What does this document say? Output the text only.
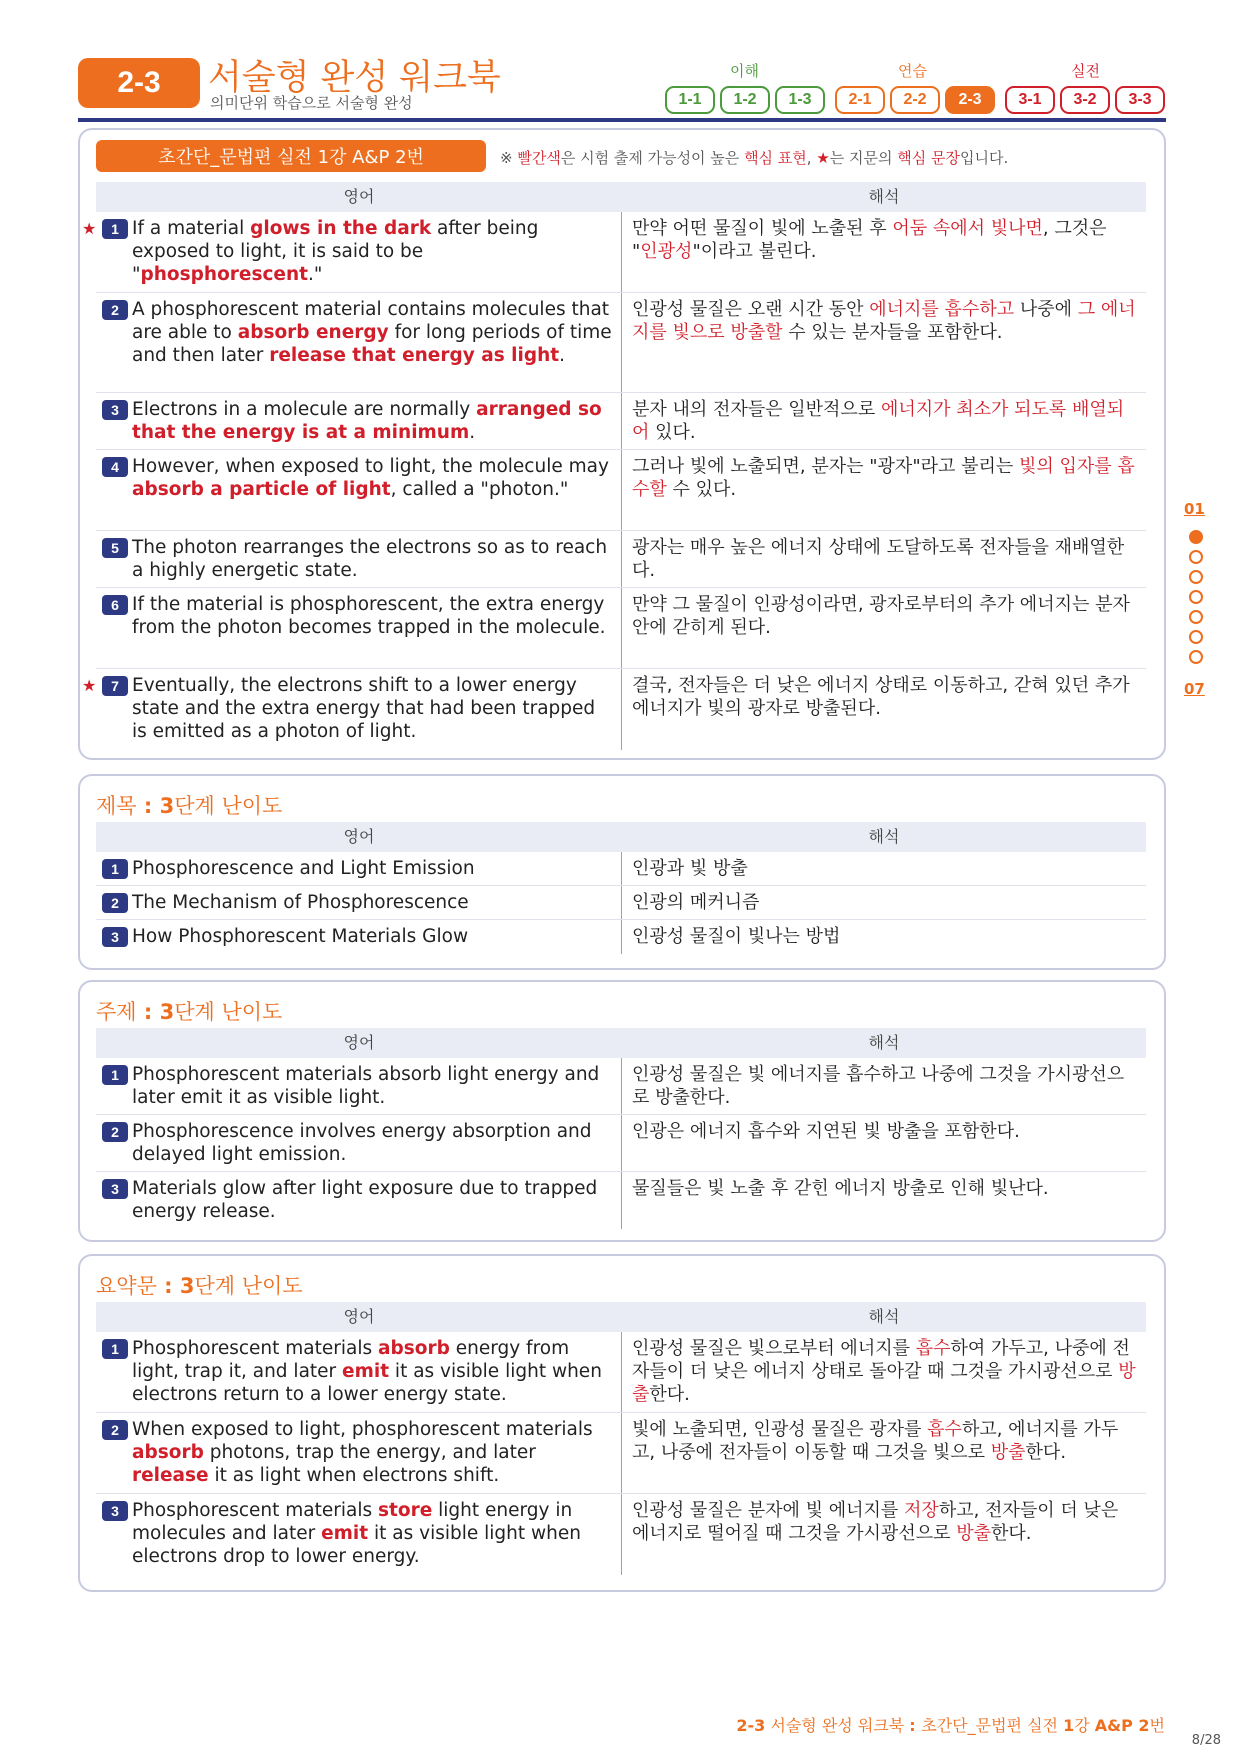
2-3	서술형 완성 워크북
의미단위 학습으로 서술형 완성
이해	연습	실전
1-1	1-2	1-3	2-1	2-2	2-3	3-1	3-2	3-3
초간단_문법편 실전 1강 A&P 2번	※ 빨간색은 시험 출제 가능성이 높은 핵심 표현, ★는 지문의 핵심 문장입니다.
영어	해석
★	1 If a material glows in the dark after being exposed to light, it is said to be "phosphorescent."
만약 어떤 물질이 빛에 노출된 후 어둠 속에서 빛나면, 그것은 "인광성"이라고 불린다.
2 A phosphorescent material contains molecules that are able to absorb energy for long periods of time and then later release that energy as light.
인광성 물질은 오랜 시간 동안 에너지를 흡수하고 나중에 그 에너지를 빛으로 방출할 수 있는 분자들을 포함한다.
3 Electrons in a molecule are normally arranged so that the energy is at a minimum.
분자 내의 전자들은 일반적으로 에너지가 최소가 되도록 배열되어 있다.
4 However, when exposed to light, the molecule may absorb a particle of light, called a "photon."
그러나 빛에 노출되면, 분자는 "광자"라고 불리는 빛의 입자를 흡수할 수 있다.
5 The photon rearranges the electrons so as to reach a highly energetic state.
광자는 매우 높은 에너지 상태에 도달하도록 전자들을 재배열한다.
6 If the material is phosphorescent, the extra energy from the photon becomes trapped in the molecule.
만약 그 물질이 인광성이라면, 광자로부터의 추가 에너지는 분자 안에 갇히게 된다.
★	7 Eventually, the electrons shift to a lower energy state and the extra energy that had been trapped is emitted as a photon of light.
결국, 전자들은 더 낮은 에너지 상태로 이동하고, 갇혀 있던 추가 에너지가 빛의 광자로 방출된다.
제목 : 3단계 난이도
영어	해석
1 Phosphorescence and Light Emission	인광과 빛 방출
2 The Mechanism of Phosphorescence	인광의 메커니즘
3 How Phosphorescent Materials Glow	인광성 물질이 빛나는 방법
주제 : 3단계 난이도
영어	해석
1 Phosphorescent materials absorb light energy and later emit it as visible light.
인광성 물질은 빛 에너지를 흡수하고 나중에 그것을 가시광선으로 방출한다.
2 Phosphorescence involves energy absorption and delayed light emission.
인광은 에너지 흡수와 지연된 빛 방출을 포함한다.
3 Materials glow after light exposure due to trapped energy release.
물질들은 빛 노출 후 갇힌 에너지 방출로 인해 빛난다.
요약문 : 3단계 난이도
영어	해석
1 Phosphorescent materials absorb energy from light, trap it, and later emit it as visible light when electrons return to a lower energy state.
인광성 물질은 빛으로부터 에너지를 흡수하여 가두고, 나중에 전자들이 더 낮은 에너지 상태로 돌아갈 때 그것을 가시광선으로 방출한다.
2 When exposed to light, phosphorescent materials absorb photons, trap the energy, and later release it as light when electrons shift.
빛에 노출되면, 인광성 물질은 광자를 흡수하고, 에너지를 가두고, 나중에 전자들이 이동할 때 그것을 빛으로 방출한다.
3 Phosphorescent materials store light energy in molecules and later emit it as visible light when electrons drop to lower energy.
인광성 물질은 분자에 빛 에너지를 저장하고, 전자들이 더 낮은 에너지로 떨어질 때 그것을 가시광선으로 방출한다.
01
07
2-3 서술형 완성 워크북 : 초간단_문법편 실전 1강 A&P 2번
8/28
